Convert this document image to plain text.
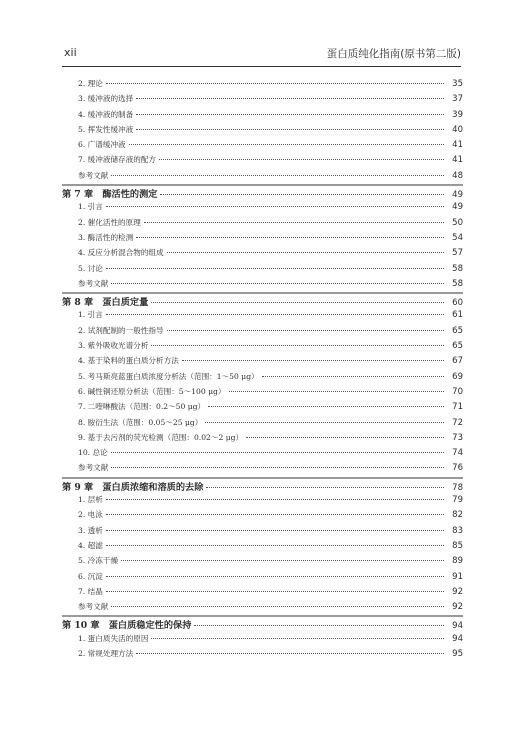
xii	蛋白质纯化指南(原书第二版)
2. 理论	35
3. 缓冲液的选择	37
4. 缓冲液的制备	39
5. 挥发性缓冲液	40
6. 广谱缓冲液	41
7. 缓冲液储存液的配方	41
参考文献	48
第 7 章　酶活性的测定	49
1. 引言	49
2. 催化活性的原理	50
3. 酶活性的检测	54
4. 反应分析混合物的组成	57
5. 讨论	58
参考文献	58
第 8 章　蛋白质定量	60
1. 引言	61
2. 试剂配制的一般性指导	65
3. 紫外吸收光谱分析	65
4. 基于染料的蛋白质分析方法	67
5. 考马斯亮蓝蛋白质浓度分析法（范围：1～50 μg）	69
6. 碱性铜还原分析法（范围：5～100 μg）	70
7. 二喹啉酸法（范围：0.2～50 μg）	71
8. 胺衍生法（范围：0.05～25 μg）	72
9. 基于去污剂的荧光检测（范围：0.02～2 μg）	73
10. 总论	74
参考文献	76
第 9 章　蛋白质浓缩和溶质的去除	78
1. 层析	79
2. 电泳	82
3. 透析	83
4. 超滤	85
5. 冷冻干燥	89
6. 沉淀	91
7. 结晶	92
参考文献	92
第 10 章　蛋白质稳定性的保持	94
1. 蛋白质失活的原因	94
2. 常规处理方法	95
